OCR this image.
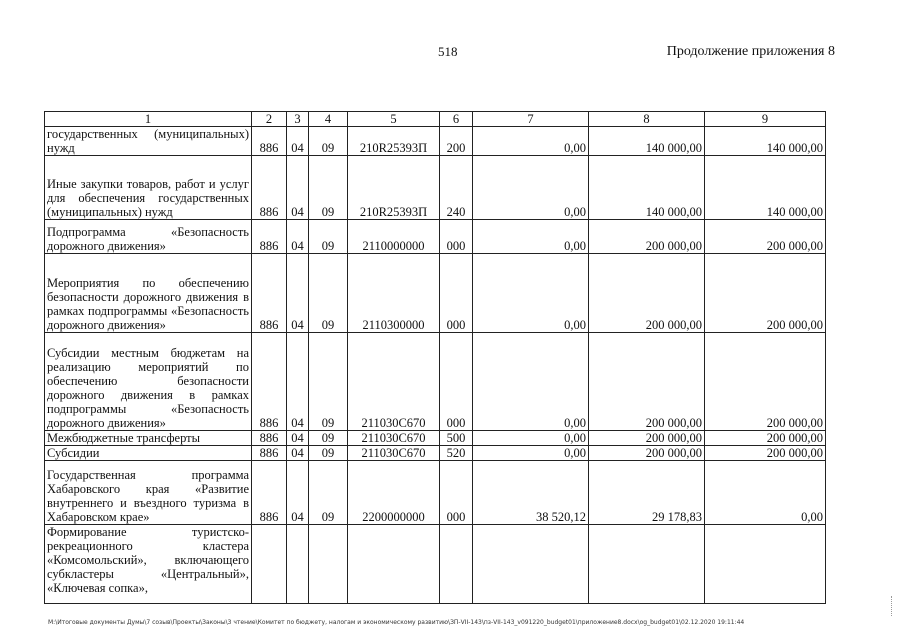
518	Продолжение приложения 8
1	2	3	4	5	6	7	8	9
государственных (муниципальных) нужд	886	04	09	210R25393П	200	0,00	140 000,00	140 000,00
Иные закупки товаров, работ и услуг для обеспечения государственных (муниципальных) нужд	886	04	09	210R25393П	240	0,00	140 000,00	140 000,00
Подпрограмма «Безопасность дорожного движения»	886	04	09	2110000000	000	0,00	200 000,00	200 000,00
Мероприятия по обеспечению безопасности дорожного движения в рамках подпрограммы «Безопасность дорожного движения»	886	04	09	2110300000	000	0,00	200 000,00	200 000,00
Субсидии местным бюджетам на реализацию мероприятий по обеспечению безопасности дорожного движения в рамках подпрограммы «Безопасность дорожного движения»	886	04	09	211030С670	000	0,00	200 000,00	200 000,00
Межбюджетные трансферты	886	04	09	211030С670	500	0,00	200 000,00	200 000,00
Субсидии	886	04	09	211030С670	520	0,00	200 000,00	200 000,00
Государственная программа Хабаровского края «Развитие внутреннего и въездного туризма в Хабаровском крае»	886	04	09	2200000000	000	38 520,12	29 178,83	0,00
Формирование туристско-рекреационного кластера «Комсомольский», включающего субкластеры «Центральный», «Ключевая сопка»,								
М:\Итоговые документы Думы\7 созыв\Проекты\Законы\3 чтение\Комитет по бюджету, налогам и экономическому развитию\ЗП-VII-143\пз-VII-143_v091220_budget01\приложение8.docx\og_budget01\02.12.2020 19:11:44
